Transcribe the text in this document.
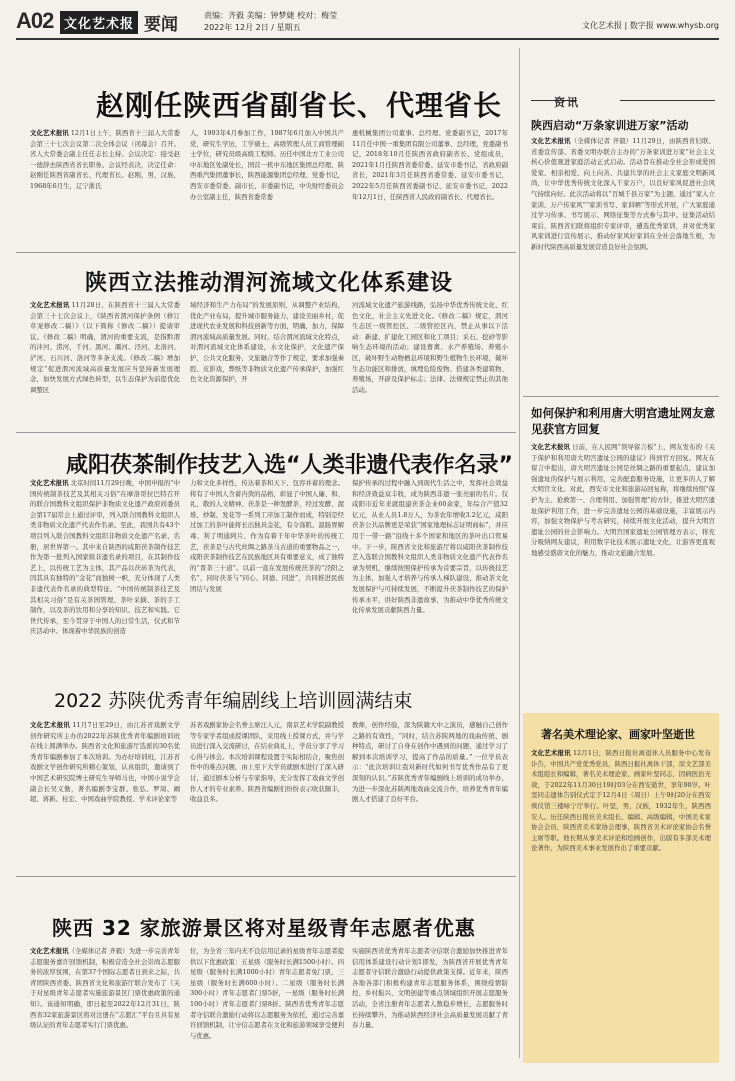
A02 文化艺术报 要闻	责编：齐毅 美编：钟梦婕 校对：梅莹
2022年 12月 2日 / 星期五	文化艺术报 | 数字报 www.whysb.org
赵刚任陕西省副省长、代理省长
文化艺术报讯 12月1日上午，陕西省十三届人大常委会第三十七次会议第二次全体会议（闭幕会）召开。省人大常委会副主任任志长主持。会议决定：接受赵一德辞去陕西省省长职务。会议经表决，决定任命：赵刚任陕西省副省长、代理省长。赵刚，男，汉族，1968年6月生，辽宁浙氏
人，1993年4月参加工作，1987年6月加入中国共产党，研究生学历，工学硕士，高级管理人员工商管理硕士学位，研究员级高级工程师。历任中国北方工业公司中东地区处副处长，国营一机中东地区集团总经理、陕西重汽集团董事长，陕西能源集团总经理、党委书记，西安市委常委、副市长、市委副书记，中央财经委员会办公室副主任，陕西省委常委
惠机械集团公司董事、总经理、党委副书记，2017年11月任中国一重集团有限公司董事、总经理、党委副书记，2018年10月任陕西省政府副省长、党组成员，2021年1月任陕西省委常委、延安市委书记，省政府副省长，2021年3月任陕西省委常委、延安市委书记，2022年5月任陕西省委副书记、延安市委书记，2022年12月1日，任陕西省人民政府副省长、代理省长。
陕西立法推动渭河流域文化体系建设
文化艺术报讯 11月28日，在陕西省十三届人大常委会第三十七次会议上，《陕西省渭河保护条例（修订草案修改二稿）》（以下简称《修改二稿》）提请审议。《修改二稿》明确，渭河的重要支流，是指黔渭的沣河、涝河、千河、黑河、灞河、泾河、北洛河、浐河、石川河、洛河等多条支流。《修改二稿》增加规定“促进渭河流域高质量发展应当坚持新发展理念，加快发展方式绿色转型，以生态保护为前提优化调整区
域经济和生产力布局”的发展原则，从调整产业结构，优化产业布局，提升城市服务能力，建设美丽乡村，促进现代农业发展和科技创新等方面，明确，加力，保障渭河流域高质量发展。同时，结合渭河流域文化特点，对渭河流域文化体系建设，水文化保护，文化遗产保护，公共文化服务，文旅融合等作了规定，要求加强秦腔、皮影戏，弊纸等非物质文化遗产传承保护，加强红色文化资源保护，开
河流域文化遗产旅游线路，弘扬中华优秀传统文化、红色文化，社会主义先进文化。《修改二稿》规定，渭河生态区一级管控区、二级管控区内，禁止从事以下活动：新建、扩建化工园区和化工项目；采石、挖砂等影响生态环境的活动；建设畜禽、水产养殖场、养殖小区，破坏野生动物栖息环境和野生植物生长环境，破坏生态功能区和排放，填埋危险废物、搭建各类建筑物、养殖场，开辟及保护标志；法律、法规规定禁止的其他活动。
咸阳茯茶制作技艺入选“人类非遗代表作名录”
文化艺术报讯 北京时间11月29日晚，中国申报的“中国传统制茶技艺及其相关习俗”在摩洛哥拉巴特召开的联合国教科文组织保护非物质文化遗产政府间委员会第17届常会上通过评审，列入联合国教科文组织人类非物质文化遗产代表作名录。至此，我国共有43个项目列入联合国教科文组织非物质文化遗产名录、名册，居世界第一。其中来自陕西的咸阳茯茶制作技艺作为第一批列入国家级非遗名录的项目，在其制作技艺上，以传统工艺为主体，其产品以茯砖茶为代表，因其具有独特的“金花”而独树一帜，充分体现了人类非遗代表作名录的典型特征。“中国传统制茶技艺及其相关习俗”是有关茶园管理、茶叶采摘、茶的手工制作，以及茶的饮用和分享的知识、技艺和实践。它世代传承，至今贯穿于中国人的日常生活，仪式和节庆活动中。体现着中华民族的创造
力和文化多样性，传达着茶和天下、包容并蓄的理念。将有了中国人含蓄内敛的品格，彰显了中国人廉、和、礼、敬的人文精神。茯茶是一种发酵茶，经过发酵、渥堆、炒制、发花等一系列工序加工制作而成，特别是经过加工的茶叶能将长出独具金花，有令涤肌、温肠胃解毒、利了明通阿片、作为有着千年中华茶叶的传统工艺，茯茶是与古代丝绸之路茶马古道的重要物品之一，咸阳茯茶制作技艺在民族地区具有重要意义，成了独特的“晋茶三十道”。以前一直在发展传统茯茶的“泾阳之名”，同时茯茶与“同心、同德、同进”，共同推进民族团结与发展
保护传承的过程中融入到现代生活之中，发挥社会效益和经济效益双丰收，成为陕西非遗一张亮丽的名片。仅咸阳市近年来就组建茯茶企业60余家，年综合产值32亿元，从业人员1.8万人，为茶农年增收3.2亿元，咸阳茯茶公共品牌更是荣获“国家地理标志证明商标”，并应用于一带一路“沿线十多个国家和地区的茶叶出口贸易中。下一步，陕西省文化和旅游厅将以咸阳茯茶制作技艺入选联合国教科文组织人类非物质文化遗产代表作名录为契机，继续按照保护传承为首要宗旨，以传统技艺为主体，加强人才培养与传承人梯队建设，推动茶文化发展保护与可持续发展，不断提升茯茶制作技艺的保护传承水平，讲好陕西非遗故事，为推动中华优秀传统文化传承发展贡献陕西力量。
2022 苏陕优秀青年编剧线上培训圆满结束
文化艺术报讯 11月7日至29日，由江苏省戏剧文学创作研究所主办的2022年苏陕优秀青年编剧培训班在线上圆满举办。陕西省文化和旅游厅选派的30名优秀青年编剧参加了本次培训。为办好培训班，江苏省戏剧文学创作研究所精心策划，认真组织，邀请到了中国艺术研究院博士研究生导师马也，中国小说学会副会长吴义勤，著名编剧李宝群、张弘、罗周、阚超、蒋新、桂宏、中国戏曲学院教授、学术评论家等
苏省戏剧家协会名誉主席汪人元，南京艺术学院副教授等专家学者组成授课团队，采用线上授课方式，并与学员进行深入交流研讨，在结业典礼上，学员分享了学习心得与体会。本次培训课程设置于实际相结合，聚焦创作中的难点问题，由上至下大学员就剧本进行了深入研讨，通过剧本分析与专家指导，充分发挥了戏曲文学创作人才的专业素养。陕西省编剧们纷纷表示收获颇丰，收益良多。
教师，创作经验，深为陕籍大中之演员，感触自己创作之路的有效性，“同时，结合苏陕两地的戏曲传统、剧种特点，研讨了自身在创作中遇到的问题，通过学习了解到本次培训学习，提高了作品的质量。” 一位学员表示：“此次培训让我对新时代如何书写优秀作品有了更深刻的认识。”苏陕优秀青年编剧线上培训的成功举办，为进一步深化苏陕两地戏曲交流合作，培养优秀青年编剧人才搭建了良好平台。
陕西 32 家旅游景区将对星级青年志愿者优惠
文化艺术报讯（全媒体记者 齐毅）为进一步完善青年志愿服务嘉许回馈机制，积极营造全社会崇尚志愿服务的浓厚氛围，在第37个国际志愿者日到来之际，共青团陕西省委、陕西省文化和旅游厅联合发布了《关于对星级青年志愿者实施旅游景区门票优惠政策的通知》。该通知明确，即日起至2022年12月31日，陕西省32家旅游景区将对注册在“志愿汇”平台且具有星级认证的青年志愿者实行门票优惠。
位，为全省三年内无不良信用记录的星级青年志愿者提供以下优惠政策：五星级（服务时长满1500小时）、四星级（服务时长满1000小时）青年志愿者免门票，三星级（服务时长满600小时）、二星级（服务时长满300小时）青年志愿者门票5折，一星级（服务时长满100小时）青年志愿者门票8折。陕西省优秀青年志愿者守信联合激励行动将以志愿服务为依托，通过完善嘉许回馈机制，让守信志愿者在文化和旅游领域享受便利与优惠。
实施陕西省优秀青年志愿者守信联合激励加快推进青年信用体系建设行动计划1即发，为陕西省开展优秀青年志愿者守信联合激励行动提供政策支撑。近年来，陕西各地各部门积极构建青年志愿服务体系，围绕疫情防控、乡村振兴、文明创建等重点领域组织开展志愿服务活动，全省注册青年志愿者人数稳步增长，志愿服务时长持续攀升，为推动陕西经济社会高质量发展贡献了青春力量。
资讯
陕西启动“万条家训进万家”活动
文化艺术报讯（全媒体记者 齐毅）11月29日，由陕西省妇联、省委宣传部、省委文明办联合主办的“万条家训进万家”社会主义核心价值观进家庭活动正式启动。活动旨在推动全社会形成爱国爱家、相亲相爱、向上向善、共建共享的社会主义家庭文明新风尚，让中华优秀传统文化深入千家万户，以良好家风促进社会风气持续向好。此次活动将以“百城千县万家”为主题，通过“家人立家训、万户传家风”“家训书写、家训晒”等形式开展，广大家庭通过学习传承、书写展示、网络征集等方式参与其中。征集活动结束后，陕西省妇联将组织专家评审，遴选优秀家训，并对优秀家风家训进行宣传展示，推动好家风好家训在全社会落地生根，为新时代陕西高质量发展营造良好社会氛围。
如何保护和利用唐大明宫遗址网友意见获官方回复
文化艺术报讯 日前，在人民网“领导留言板”上，网友发布的《关于保护和利用唐大明宫遗址公园的建议》得到官方回复。网友在留言中提出，唐大明宫遗址公园是丝绸之路的重要起点，建议加强遗址的保护与展示利用，完善配套服务设施，让更多的人了解大明宫文化。对此，西安市文化和旅游局回复称，将继续按照“保护为主、抢救第一、合理利用、加强管理”的方针，推进大明宫遗址保护利用工作，进一步完善遗址公园的基础设施，丰富展示内容，加强文物保护与考古研究，持续开展文化活动，提升大明宫遗址公园的社会影响力。大明宫国家遗址公园管理方表示，将充分吸纳网友建议，利用数字化技术展示遗址文化，让游客更直观地感受盛唐文化的魅力，推动文旅融合发展。
著名美术理论家、画家叶坚逝世
文化艺术报讯 12月1日，陕西日报社离退休人员服务中心发布讣告，中国共产党优秀党员，陕西日报社离休干部，原文艺部美术组组长和编辑，著名美术理论家、画家叶坚同志，因病医治无效，于2022年11月30日19时03分在西安逝世，享年90岁。叶坚同志遗体告别仪式定于12月4日（周日）上午9时20分在西安殡仪馆三楼咏宁厅举行。叶坚，男，汉族，1932年生，陕西西安人。历任陕西日报社美术组长、编辑、高级编辑，中国美术家协会会员，陕西省美术家协会理事，陕西省美术评论家协会名誉主席等职。他长期从事美术评论和绘画创作，出版有多部美术理论著作，为陕西美术事业发展作出了重要贡献。
